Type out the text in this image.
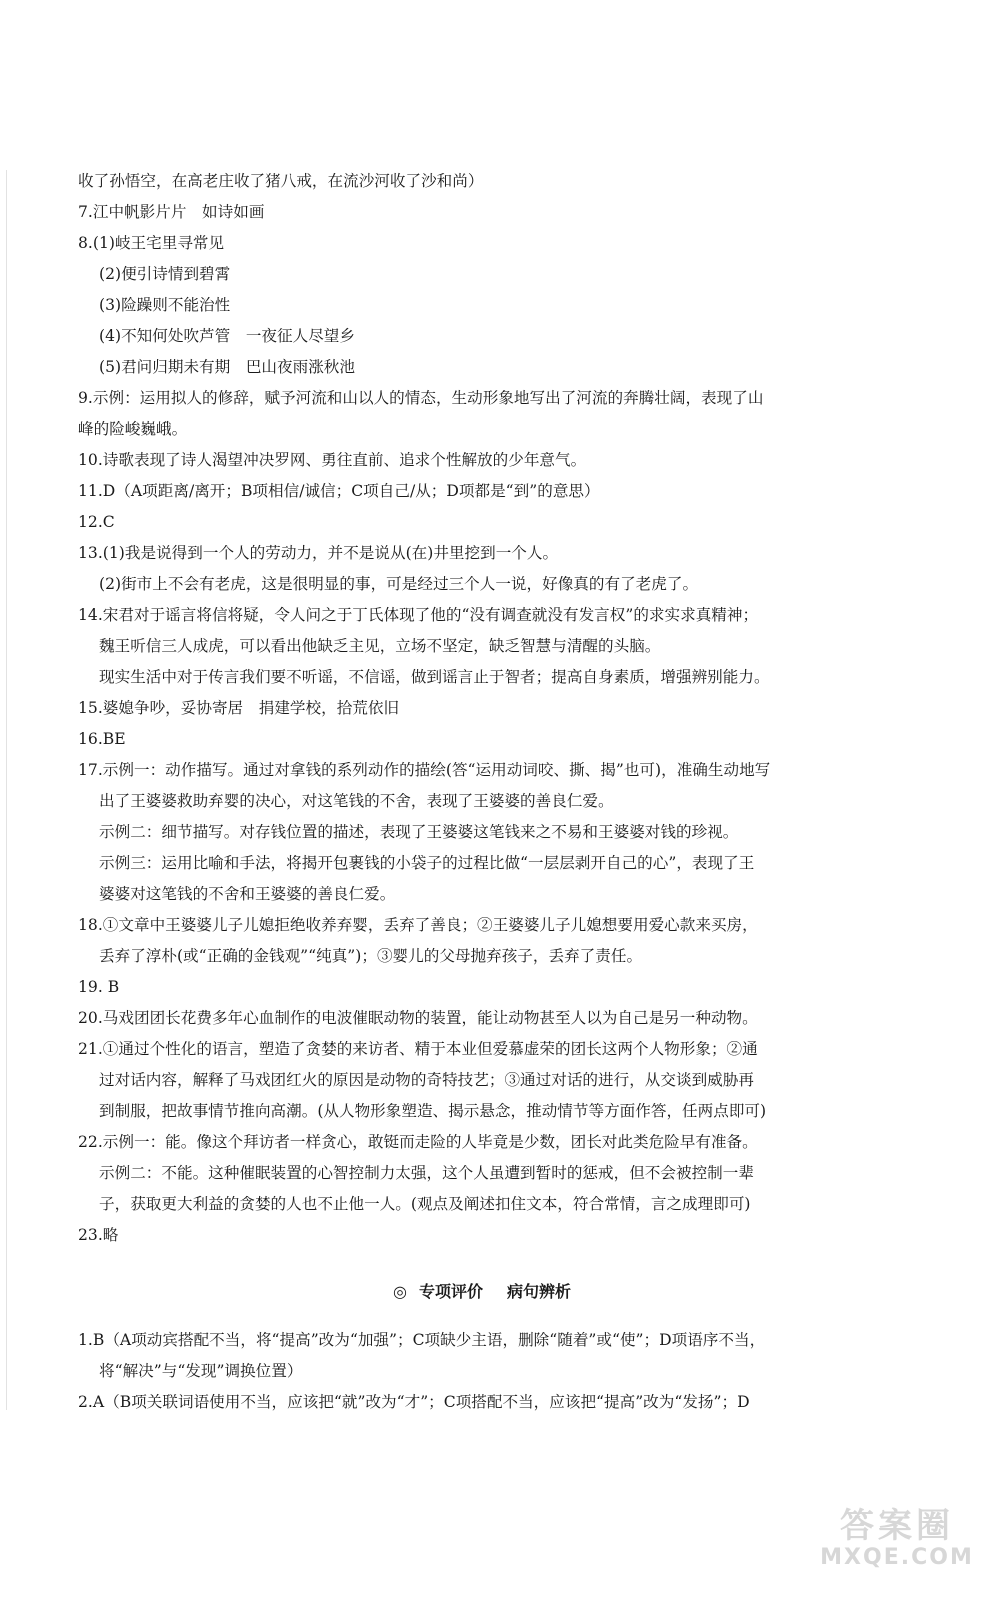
收了孙悟空，在高老庄收了猪八戒，在流沙河收了沙和尚）
7.江中帆影片片　如诗如画
8.(1)岐王宅里寻常见
(2)便引诗情到碧霄
(3)险躁则不能治性
(4)不知何处吹芦管　一夜征人尽望乡
(5)君问归期未有期　巴山夜雨涨秋池
9.示例：运用拟人的修辞，赋予河流和山以人的情态，生动形象地写出了河流的奔腾壮阔，表现了山
峰的险峻巍峨。
10.诗歌表现了诗人渴望冲决罗网、勇往直前、追求个性解放的少年意气。
11.D（A项距离/离开；B项相信/诚信；C项自己/从；D项都是“到”的意思）
12.C
13.(1)我是说得到一个人的劳动力，并不是说从(在)井里挖到一个人。
(2)街市上不会有老虎，这是很明显的事，可是经过三个人一说，好像真的有了老虎了。
14.宋君对于谣言将信将疑，令人问之于丁氏体现了他的“没有调查就没有发言权”的求实求真精神；
魏王听信三人成虎，可以看出他缺乏主见，立场不坚定，缺乏智慧与清醒的头脑。
现实生活中对于传言我们要不听谣，不信谣，做到谣言止于智者；提高自身素质，增强辨别能力。
15.婆媳争吵，妥协寄居　捐建学校，拾荒依旧
16.BE
17.示例一：动作描写。通过对拿钱的系列动作的描绘(答“运用动词咬、撕、揭”也可)，准确生动地写
出了王婆婆救助弃婴的决心，对这笔钱的不舍，表现了王婆婆的善良仁爱。
示例二：细节描写。对存钱位置的描述，表现了王婆婆这笔钱来之不易和王婆婆对钱的珍视。
示例三：运用比喻和手法，将揭开包裹钱的小袋子的过程比做“一层层剥开自己的心”，表现了王
婆婆对这笔钱的不舍和王婆婆的善良仁爱。
18.①文章中王婆婆儿子儿媳拒绝收养弃婴，丢弃了善良；②王婆婆儿子儿媳想要用爱心款来买房，
丢弃了淳朴(或“正确的金钱观”“纯真”)；③婴儿的父母抛弃孩子，丢弃了责任。
19. B
20.马戏团团长花费多年心血制作的电波催眠动物的装置，能让动物甚至人以为自己是另一种动物。
21.①通过个性化的语言，塑造了贪婪的来访者、精于本业但爱慕虚荣的团长这两个人物形象；②通
过对话内容，解释了马戏团红火的原因是动物的奇特技艺；③通过对话的进行，从交谈到威胁再
到制服，把故事情节推向高潮。(从人物形象塑造、揭示悬念，推动情节等方面作答，任两点即可)
22.示例一：能。像这个拜访者一样贪心，敢铤而走险的人毕竟是少数，团长对此类危险早有准备。
示例二：不能。这种催眠装置的心智控制力太强，这个人虽遭到暂时的惩戒，但不会被控制一辈
子，获取更大利益的贪婪的人也不止他一人。(观点及阐述扣住文本，符合常情，言之成理即可)
23.略
◎ 专项评价 病句辨析
1.B（A项动宾搭配不当，将“提高”改为“加强”；C项缺少主语，删除“随着”或“使”；D项语序不当，
将“解决”与“发现”调换位置）
2.A（B项关联词语使用不当，应该把“就”改为“才”；C项搭配不当，应该把“提高”改为“发扬”；D
答案圈
MXQE.COM
